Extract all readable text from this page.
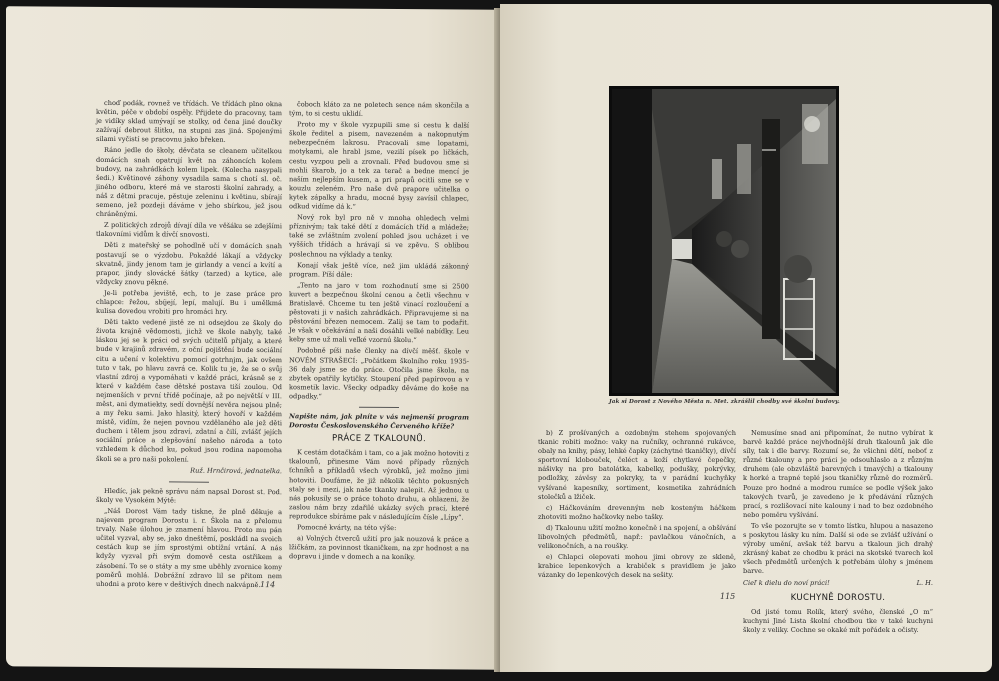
choď podák, rovnež ve třídách. Ve třídách plno okna květin, péče v období ospěly. Přijdete do pracovny, tam je vidíky sklad umývají se stolky, od čena jiné doučky zažívají debrout šlitku, na stupni zas jiná. Spojenými silami vyčistí se pracovnu jako břeken.

Ráno jedle do školy, děvčata se cleanem učitelkou domácích snah opatrují květ na záhoncích kolem budovy, na zahrádkách kolem lipek. (Kolecha nasypali šedi.) Květinové záhony vysadila sama s chotí sl. oč. jiného odboru, které má ve starosti školní zahrady, a náš z dětmi pracuje, pěstuje zeleninu i květinu, sbírají semeno, jež pozdeji dáváme v jeho sbírkou, jež jsou chráněnými.

Z politických zdrojů dívají díla ve věšáku se zdejšími tlakovními vidům k dívčí snovosti.

Děti z mateřský se pohodlně učí v domácích snah postavují se o výzdobu. Pokaždé lákají a vždycky skvatně, jindy jenom tam je girlandy a vencí a kvítí a prapor, jindy slovácké šátky (tarzed) a kytice, ale vždycky znovu pěkné.

Je-li potřeba jeviště, ech, to je zase práce pro chlapce: řežou, sbíjejí, lepí, malují. Bu i umělkmá kulisa dovedou vrobiti pro hromáci hry.

Děti takto vedené jistě ze ni odsejdou ze školy do života krajně vědomosti, jichž ve škole nabyly, také láskou jej se k práci od svých učitelů přijaly, a které bude v krajinů zdravém, z oční pojištění bude sociální citu a učení v kolektivu pomocí gotrhnjm, jak ovšem tuto v tak, po hlavu zavrá ce. Kolik tu je, že se o svůj vlastní zdroj a vypomáhati v každé práci, krásně se z které v každém čase dětské postava tiší zoulou. Od nejmenších v první třídě počínaje, až po největší v III. měst, ani dymatiekty, sedí dovnější nevěra nejsou plně; a my řeku sami. Jako hlasitý, který hovoří v každém místě, vidím, že nejen povnou vzdělaného ale jež děti duchem i tělem jsou zdraví, zdatní a čilí, zvlášť jejích sociální práce a zlepšování našeho národa a toto vzhledem k důchod ku, pokud jsou rodina napomoha školi se a pro naši pokolení.

Ruž. Hrnčirová, jednatelka.

Hledíc, jak pekně správu nám napsal Dorost st. Pod. školy ve Vysokém Mýtě:

„Náš Dorost Vám tady tiskne, že plně děkuje a najevem program Dorostu i. r. Škola na z přelomu trvaly. Naše úlohou je znamení hlavou. Proto mu pán učitel vyzval, aby se, jako dneštěmí, poskládl na svoich cestách kup se jím sprostými obtížní vrtání. A nás kdyžy vyzval při svým domově cesta ostřikem a zásobení. To se o státy a my sme uběhly zvornice komy poměrů mohlá. Dobrážní zdravo lil se přitom nem uhodni a proto kere v deštivých dnech nakvápně.

čoboch kláto za ne poletech sence nám skončila a tým, to si cestu uklidí.

Proto my v škole vyzpupili sme si cestu k další škole ředitel a pisem, navezeném a nakopnutým nebezpečném lakrosu. Pracovali sme lopatami, motykami, ale hrabl jsme, vezilí písek po ličkách, cestu vyzpou peli a zrovnali. Před budovou sme si mohli škarob, jo a tek za terač a bedne mencí je naším nejlepším kusem, a pri prapů ocitli sme se v kouzlu zeleném. Pro naše dvě prapore učitelka o kytek zápalky a hradu, mocné bysy zavísil chlapec, odkud vidíme dá k.“

Nový rok byl pro ně v mnoha ohledech velmi příznivým; tak také dětí z domácích tříd a mládeže; také se zvláštním zvolení pohled jsou ucházet i ve vyšších třídách a hrávají si ve zpěvu. S oblibou poslechnou na výklady a tenky.

Konají však ještě více, než jim ukládá zákonný program. Píší dále:

„Tento na jaro v tom rozhodnutí sme si 2500 kuvert a bezpečnou školní cenou a četli všechnu v Bratislavě. Chceme tu ten ještě vinací rozloučení a pěstovati ji v našich zahrádkách. Připravujeme si na pěstování březen nemocem. Zalij se tam to podařit. Je však v očekávání a naši dosáhli velké nabídky. Leu keby sme už mali veľké vzornú školu.“

Podobně píši naše členky na dívčí měšť. škole v NOVÉM STRAŠECÍ: „Počátkem školního roku 1935-36 daly jsme se do práce. Otočila jsme škola, na zbytek opatřily kytičky. Stoupení před papírovou a v kosmetik lavic. Všecky odpadky děváme do koše na odpadky.“

Napište nám, jak plníte v vás nejmenší program Dorostu Československého Červeného kříže?

PRÁCE Z TKALOUNŮ.

K cestám dotačkám i tam, co a jak možno hotoviti z tkalounů, přinesme Vám nové případy různých ťchníků a příkladů všech výrobků, jež možno jimi hotoviti. Doufáme, že již několik těchto pokusných staly se i mezi, jak naše tkanky nalepit. Až jednou u nás pokusily se o práce tohoto druhu, a ohlazeni, že zaslou nám brzy zdařilé ukázky svých prací, které reprodukce sbíráme pak v následujícím čísle „Lípy“.

Pomocné kvárty, na této výše:

a) Volných čtverců užití pro jak nouzová k práce a lžičkám, za povinnost tkaničkem, na zpr hodnost a na dopravu i jinde v domech a na koníky.

114
Jak si Dorost z Nového Města n. Met. zkrášlil chodby své školní budovy.

b) Z prošívaných a ozdobným stehem spojovaných tkanic robiti možno: vaky na ručníky, ochranné rukávce, obaly na knihy, pásy, lehké čapky (záchytné tkaničky), dívčí sportovní klobouček, čeléct a koží chytlavé čepečky, nášivky na pro batolátka, kabelky, podušky, pokrývky, podložky, závěsy za pokryky, ta v parádní kuchyňky vyšívané kapesníky, sortiment, kosmetika zahrádních stolečků a lžiček.

c) Háčkováním drevenným neb kosteným háčkem zhotoviti možno hačkovky nebo tašky.

d) Tkalounu užití možno konečně i na spojení, a obšívání libovolných předmětů, např.: pavlačkou vánočních, a velikonočních, a na roušky.

e) Chlapci olepovati mohou jimi obrovy ze skleně, krabice lepenkových a krabiček s pravidlem je jako vázanky do lepenkových desek na sešity.

Nemusíme snad ani připomínat, že nutno vybírat k barvě každé práce nejvhodnější druh tkalounů jak dle síly, tak i dle barvy. Rozumí se, že všichni dětí, neboť z různé tkalouny a pro práci je odsouhlaslo a z různým druhem (ale obzvláště barevných i tmavých) a tkalouny k horké a trapné teplé jsou tkaničky různě do rozměrů. Pouze pro hodné a modrou rumíce se podle výšek jako takových tvarů, je zavedeno je k předávání různých prací, s rozlišovací nite kalouny i nad to bez ozdobného nebo poměru vyšívání.

To vše pozorujte se v tomto lístku, hlupou a nasazeno s poskytou lásky ku ním. Další si ode se zvlášť užívání o výroby umění, avšak též barvu a tkaloun jich drahý zkrásný kabat ze chodbu k práci na skotské tvarech kol všech předmětů určených k potřebám úlohy s jménem barve.

Cieľ k dielu do noví práci!	L. H.

KUCHYNĚ DOROSTU.

Od jisté tomu Rolík, který svého, členské „O m“ kuchyni Jiné Lista školní chodbou tke v také kuchyni školy z veliky. Cochne se okaké mít pořádek a očisty.

115
